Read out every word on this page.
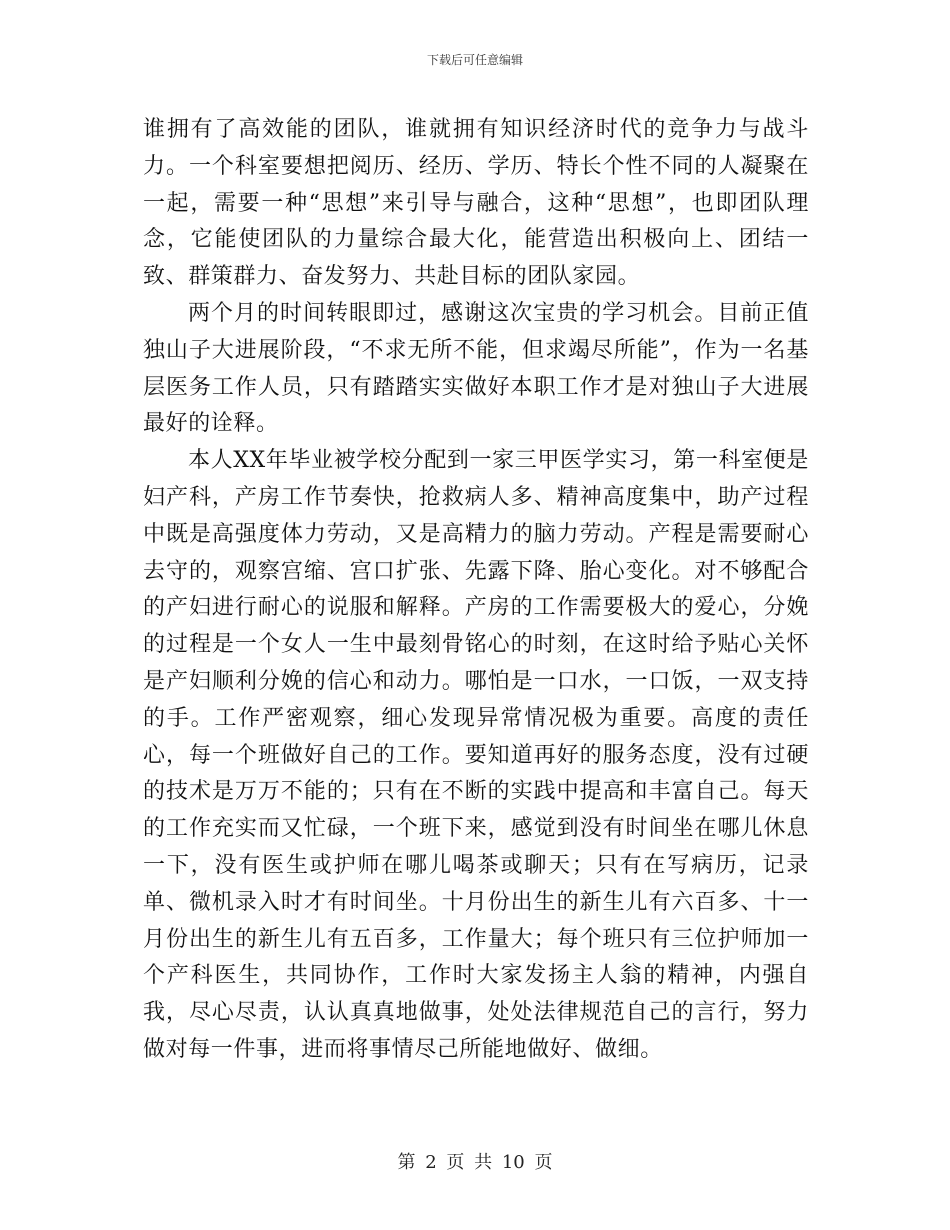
下载后可任意编辑

谁拥有了高效能的团队，谁就拥有知识经济时代的竞争力与战斗力。一个科室要想把阅历、经历、学历、特长个性不同的人凝聚在一起，需要一种“思想”来引导与融合，这种“思想”，也即团队理念，它能使团队的力量综合最大化，能营造出积极向上、团结一致、群策群力、奋发努力、共赴目标的团队家园。

两个月的时间转眼即过，感谢这次宝贵的学习机会。目前正值独山子大进展阶段，“不求无所不能，但求竭尽所能”，作为一名基层医务工作人员，只有踏踏实实做好本职工作才是对独山子大进展最好的诠释。

本人XX年毕业被学校分配到一家三甲医学实习，第一科室便是妇产科，产房工作节奏快，抢救病人多、精神高度集中，助产过程中既是高强度体力劳动，又是高精力的脑力劳动。产程是需要耐心去守的，观察宫缩、宫口扩张、先露下降、胎心变化。对不够配合的产妇进行耐心的说服和解释。产房的工作需要极大的爱心，分娩的过程是一个女人一生中最刻骨铭心的时刻，在这时给予贴心关怀是产妇顺利分娩的信心和动力。哪怕是一口水，一口饭，一双支持的手。工作严密观察，细心发现异常情况极为重要。高度的责任心，每一个班做好自己的工作。要知道再好的服务态度，没有过硬的技术是万万不能的；只有在不断的实践中提高和丰富自己。每天的工作充实而又忙碌，一个班下来，感觉到没有时间坐在哪儿休息一下，没有医生或护师在哪儿喝茶或聊天；只有在写病历，记录单、微机录入时才有时间坐。十月份出生的新生儿有六百多、十一月份出生的新生儿有五百多，工作量大；每个班只有三位护师加一个产科医生，共同协作，工作时大家发扬主人翁的精神，内强自我，尽心尽责，认认真真地做事，处处法律规范自己的言行，努力做对每一件事，进而将事情尽己所能地做好、做细。

第 2 页 共 10 页
